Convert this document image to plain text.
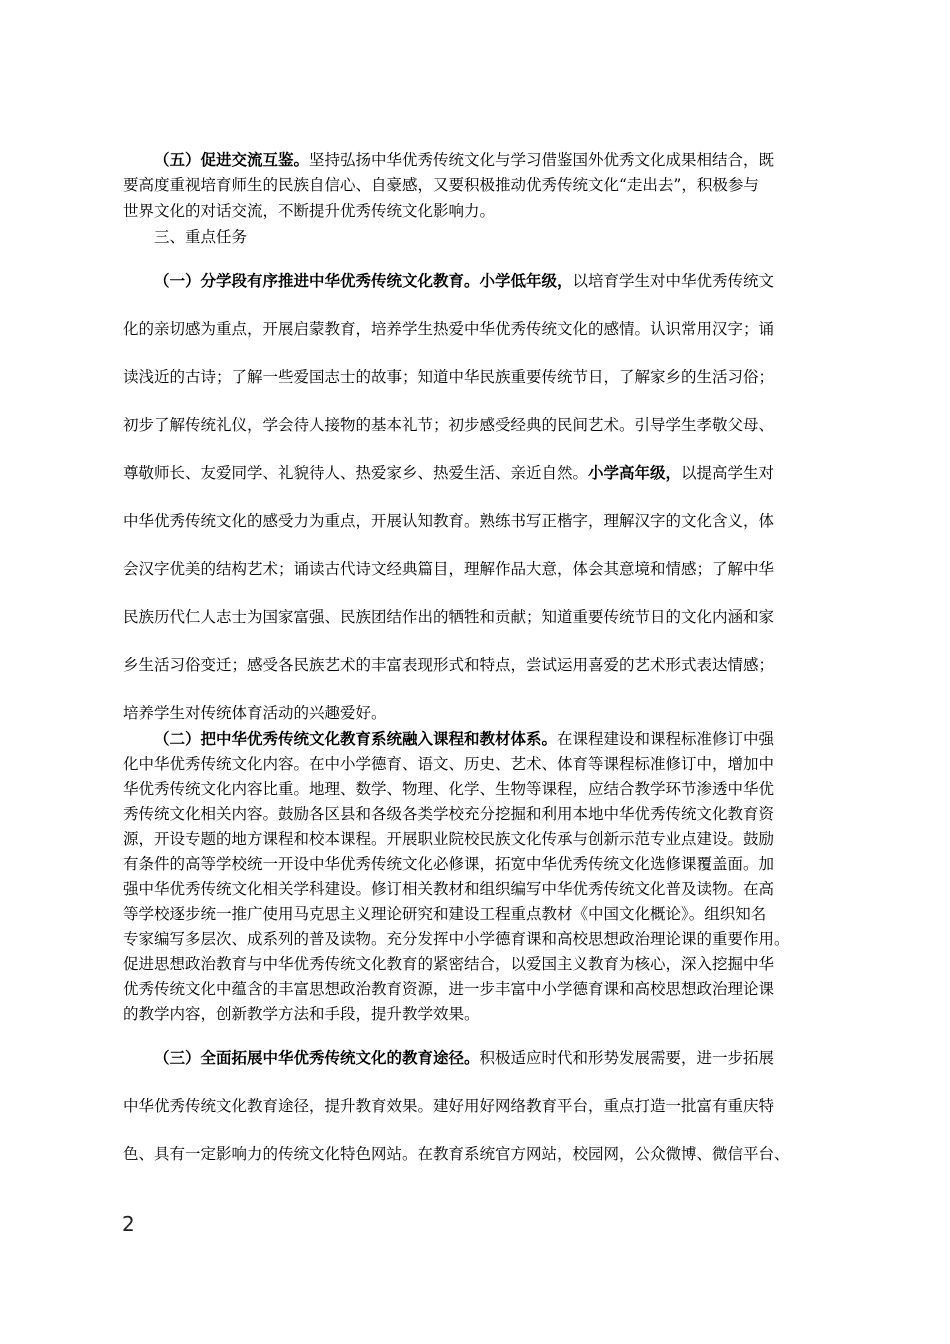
（五）促进交流互鉴。坚持弘扬中华优秀传统文化与学习借鉴国外优秀文化成果相结合，既
要高度重视培育师生的民族自信心、自豪感，又要积极推动优秀传统文化“走出去”，积极参与
世界文化的对话交流，不断提升优秀传统文化影响力。
三、重点任务
（一）分学段有序推进中华优秀传统文化教育。小学低年级，以培育学生对中华优秀传统文
化的亲切感为重点，开展启蒙教育，培养学生热爱中华优秀传统文化的感情。认识常用汉字；诵
读浅近的古诗；了解一些爱国志士的故事；知道中华民族重要传统节日，了解家乡的生活习俗；
初步了解传统礼仪，学会待人接物的基本礼节；初步感受经典的民间艺术。引导学生孝敬父母、
尊敬师长、友爱同学、礼貌待人、热爱家乡、热爱生活、亲近自然。小学高年级，以提高学生对
中华优秀传统文化的感受力为重点，开展认知教育。熟练书写正楷字，理解汉字的文化含义，体
会汉字优美的结构艺术；诵读古代诗文经典篇目，理解作品大意，体会其意境和情感；了解中华
民族历代仁人志士为国家富强、民族团结作出的牺牲和贡献；知道重要传统节日的文化内涵和家
乡生活习俗变迁；感受各民族艺术的丰富表现形式和特点，尝试运用喜爱的艺术形式表达情感；
培养学生对传统体育活动的兴趣爱好。
（二）把中华优秀传统文化教育系统融入课程和教材体系。在课程建设和课程标准修订中强
化中华优秀传统文化内容。在中小学德育、语文、历史、艺术、体育等课程标准修订中，增加中
华优秀传统文化内容比重。地理、数学、物理、化学、生物等课程，应结合教学环节渗透中华优
秀传统文化相关内容。鼓励各区县和各级各类学校充分挖掘和利用本地中华优秀传统文化教育资
源，开设专题的地方课程和校本课程。开展职业院校民族文化传承与创新示范专业点建设。鼓励
有条件的高等学校统一开设中华优秀传统文化必修课，拓宽中华优秀传统文化选修课覆盖面。加
强中华优秀传统文化相关学科建设。修订相关教材和组织编写中华优秀传统文化普及读物。在高
等学校逐步统一推广使用马克思主义理论研究和建设工程重点教材《中国文化概论》。组织知名
专家编写多层次、成系列的普及读物。充分发挥中小学德育课和高校思想政治理论课的重要作用。
促进思想政治教育与中华优秀传统文化教育的紧密结合，以爱国主义教育为核心，深入挖掘中华
优秀传统文化中蕴含的丰富思想政治教育资源，进一步丰富中小学德育课和高校思想政治理论课
的教学内容，创新教学方法和手段，提升教学效果。
（三）全面拓展中华优秀传统文化的教育途径。积极适应时代和形势发展需要，进一步拓展
中华优秀传统文化教育途径，提升教育效果。建好用好网络教育平台，重点打造一批富有重庆特
色、具有一定影响力的传统文化特色网站。在教育系统官方网站，校园网，公众微博、微信平台、
2
